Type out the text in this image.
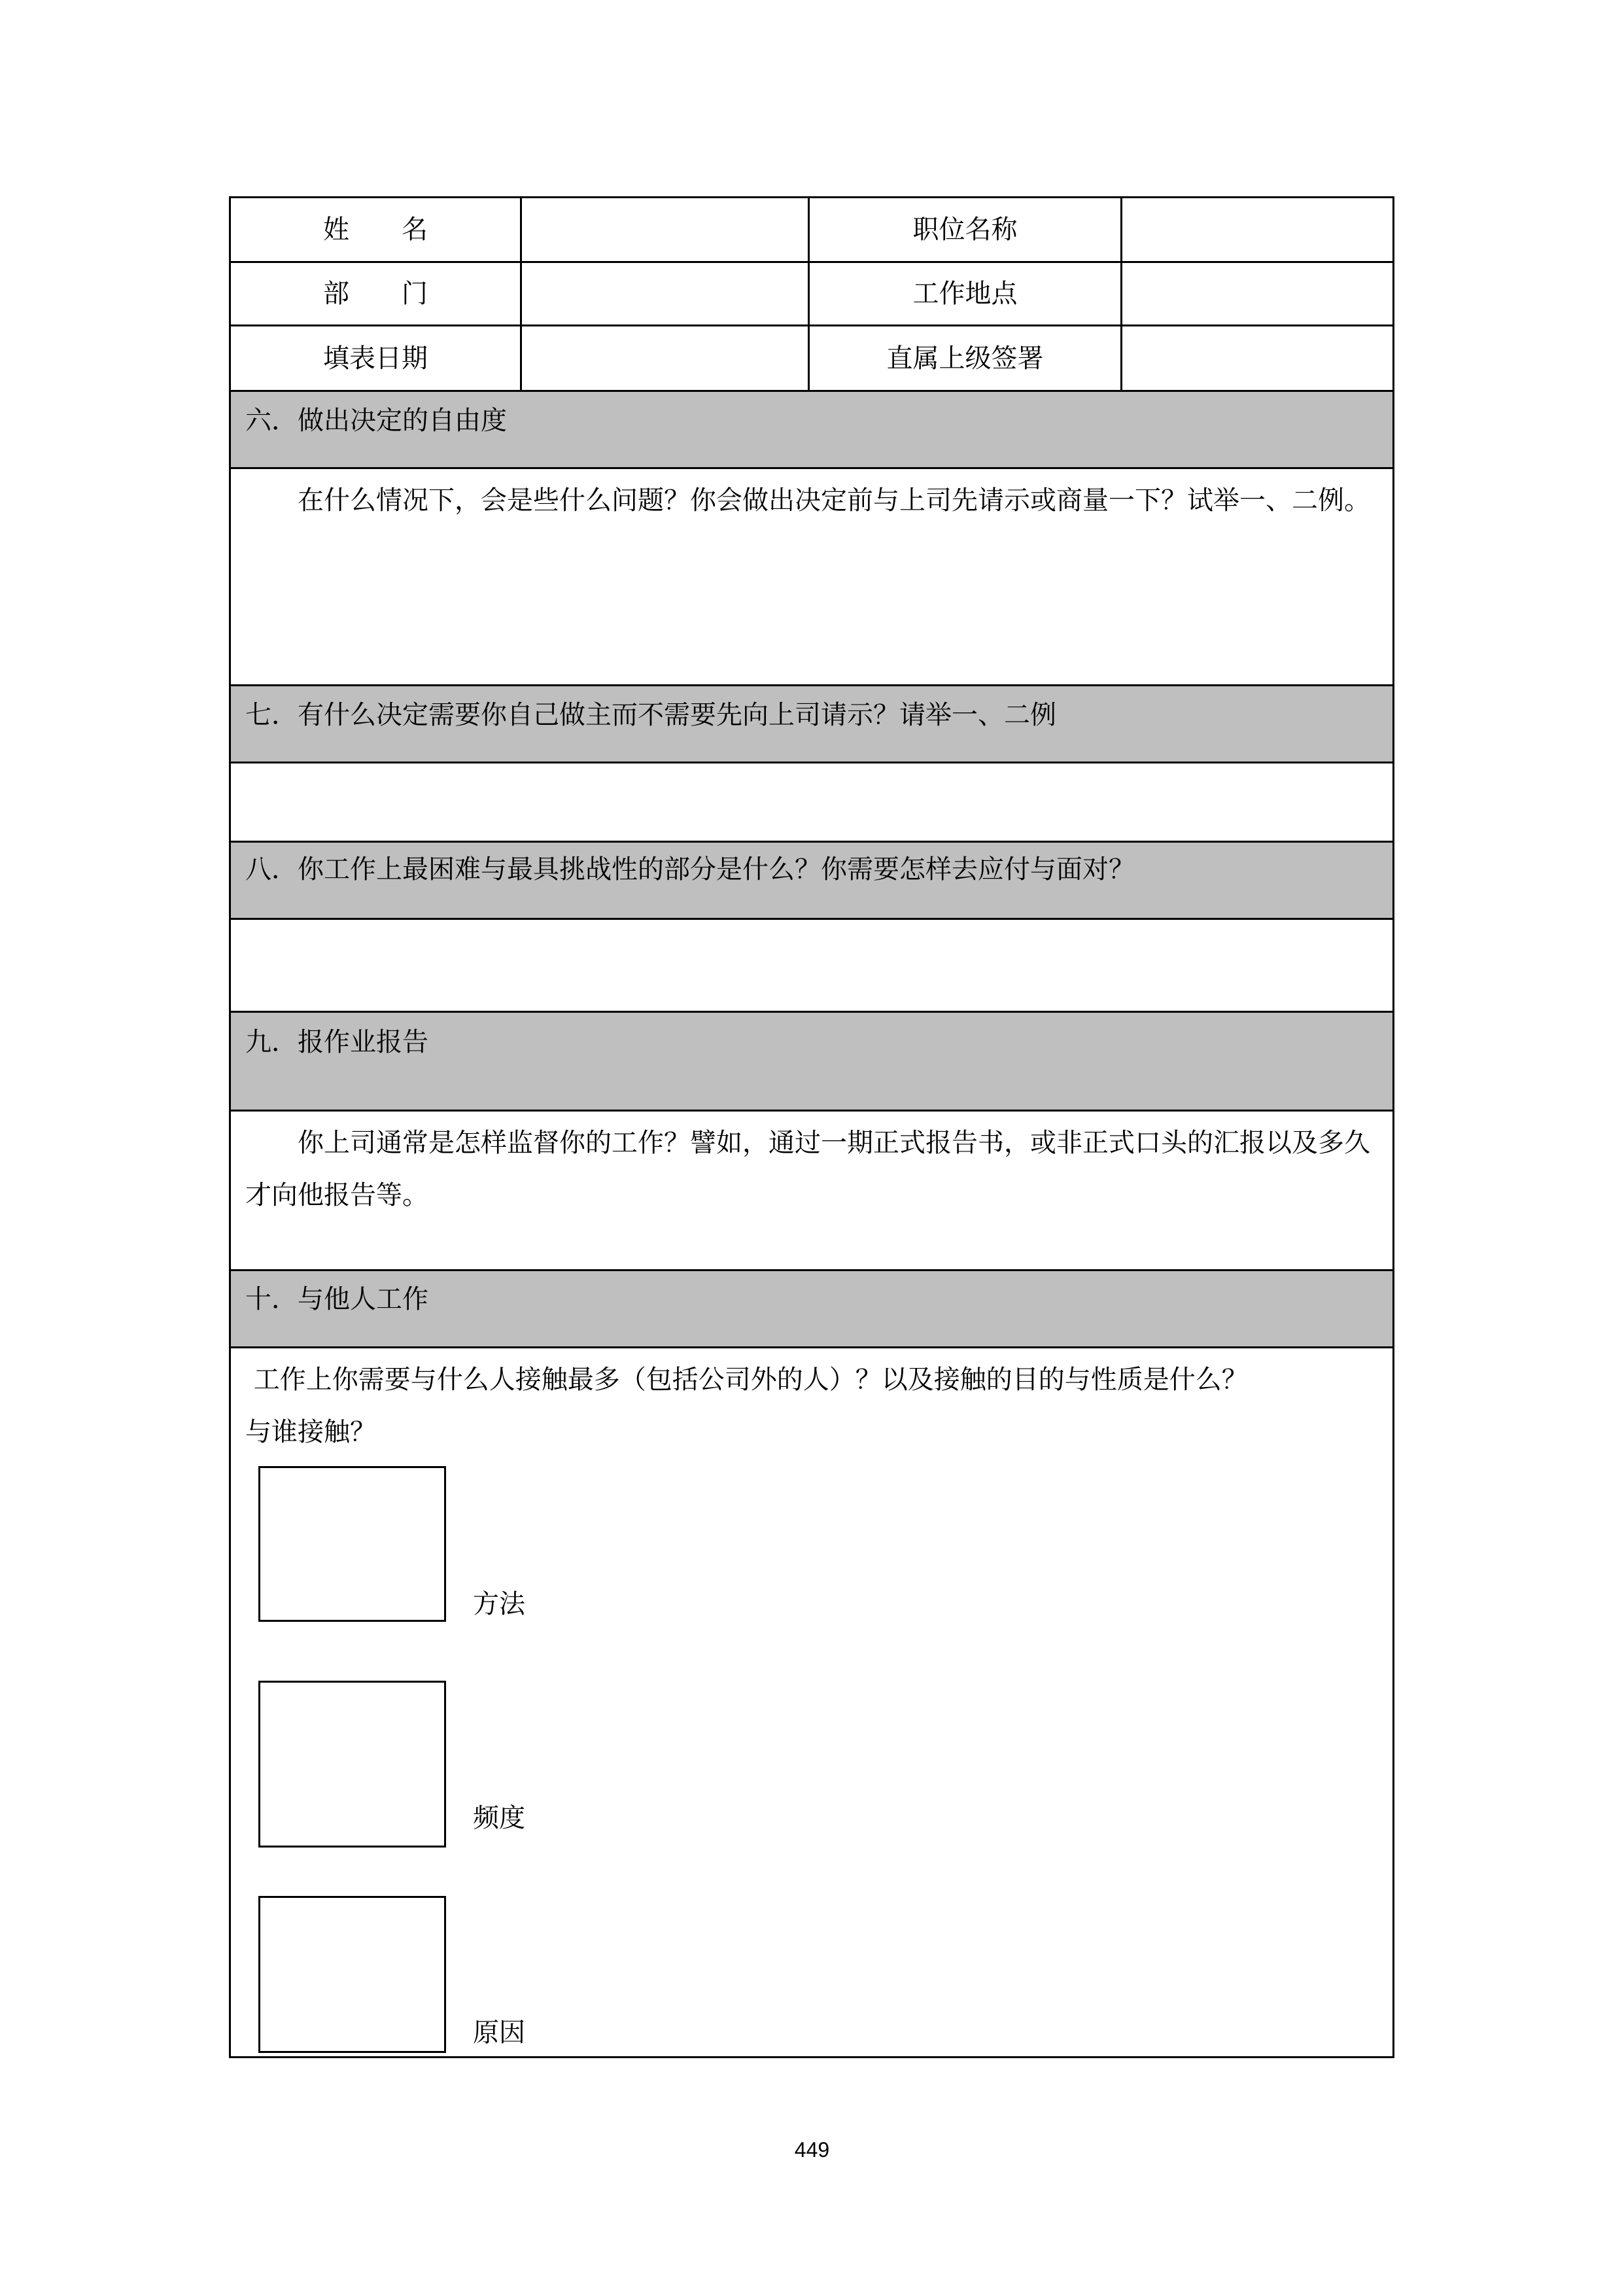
姓　　名	职位名称
部　　门	工作地点
填表日期	直属上级签署
六．做出决定的自由度
　　在什么情况下，会是些什么问题？你会做出决定前与上司先请示或商量一下？试举一、二例。
七．有什么决定需要你自己做主而不需要先向上司请示？请举一、二例
八．你工作上最困难与最具挑战性的部分是什么？你需要怎样去应付与面对？
九．报作业报告
　　你上司通常是怎样监督你的工作？譬如，通过一期正式报告书，或非正式口头的汇报以及多久才向他报告等。
十．与他人工作
工作上你需要与什么人接触最多（包括公司外的人）？以及接触的目的与性质是什么？
与谁接触？
方法
频度
原因
449
